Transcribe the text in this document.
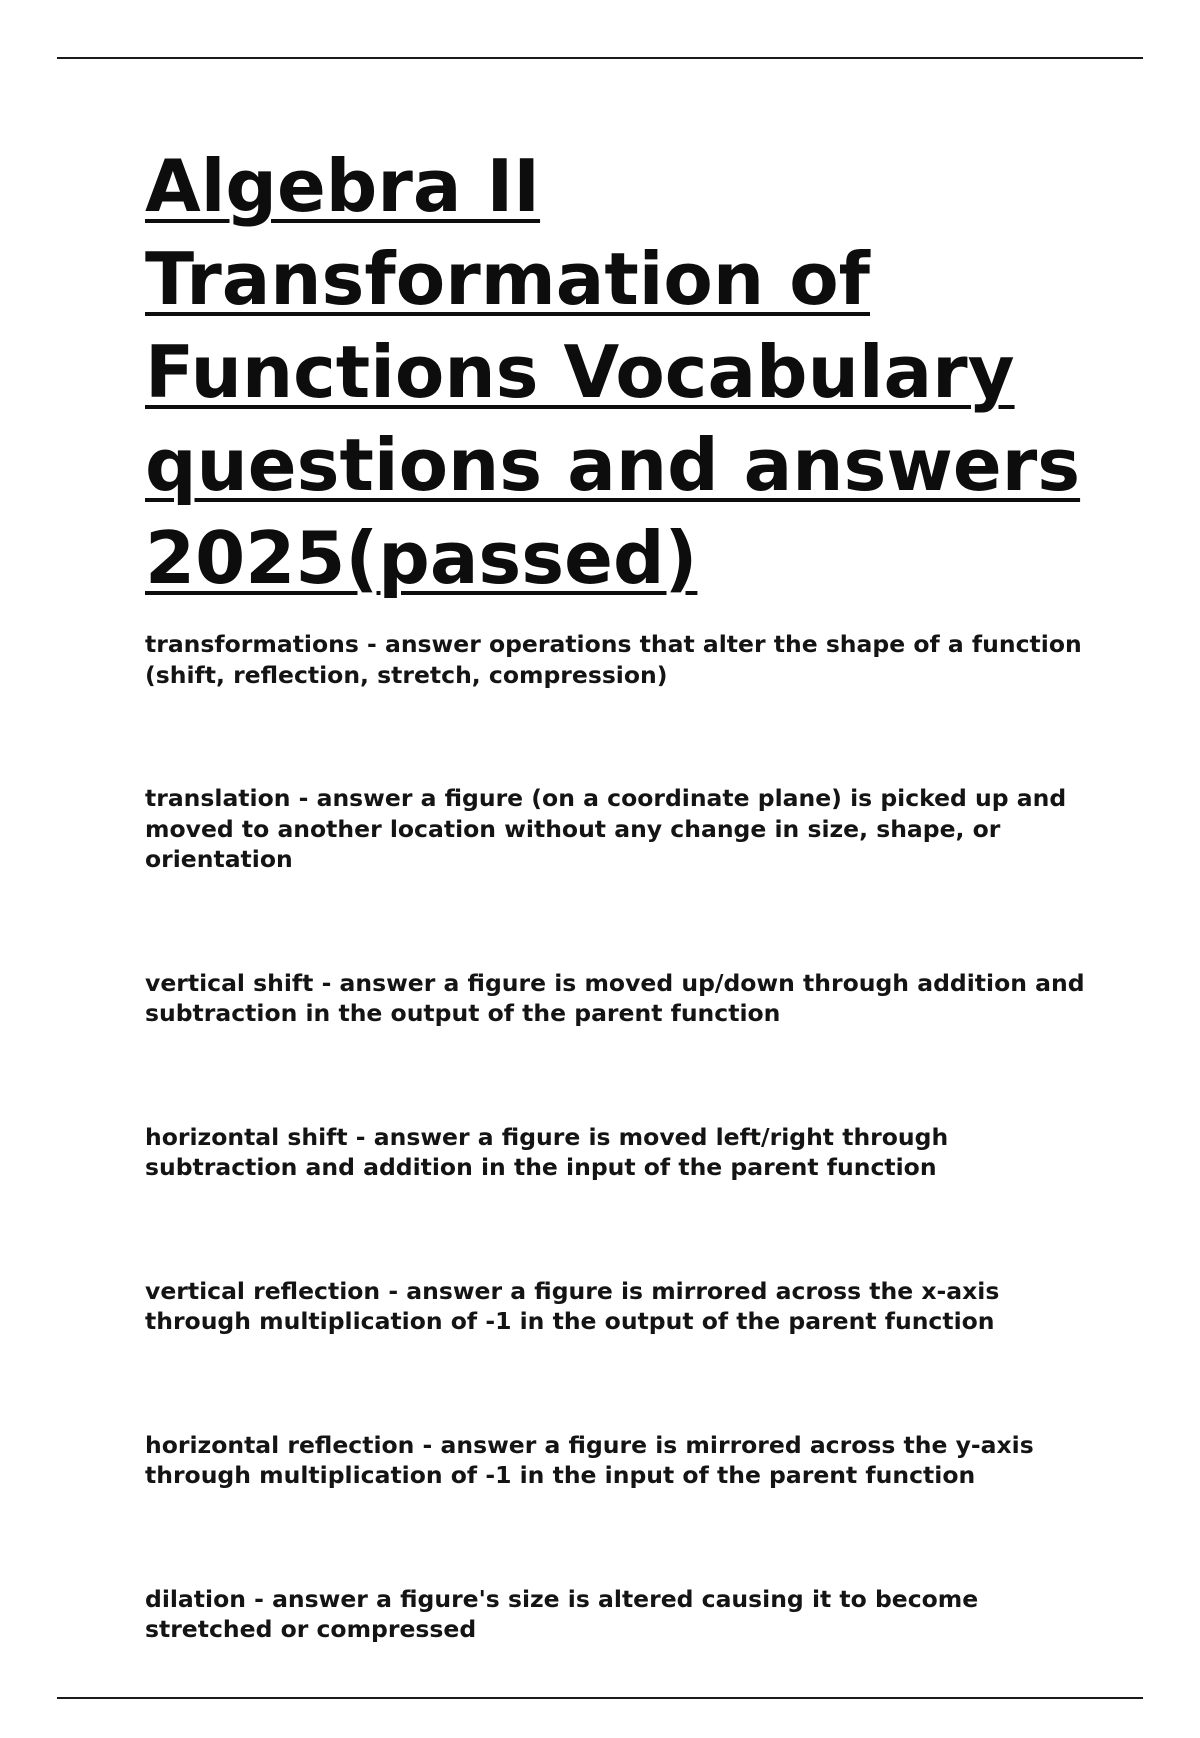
Algebra II Transformation of Functions Vocabulary questions and answers 2025(passed)

transformations - answer operations that alter the shape of a function (shift, reflection, stretch, compression)

translation - answer a figure (on a coordinate plane) is picked up and moved to another location without any change in size, shape, or orientation

vertical shift - answer a figure is moved up/down through addition and subtraction in the output of the parent function

horizontal shift - answer a figure is moved left/right through subtraction and addition in the input of the parent function

vertical reflection - answer a figure is mirrored across the x-axis through multiplication of -1 in the output of the parent function

horizontal reflection - answer a figure is mirrored across the y-axis through multiplication of -1 in the input of the parent function

dilation - answer a figure's size is altered causing it to become stretched or compressed
